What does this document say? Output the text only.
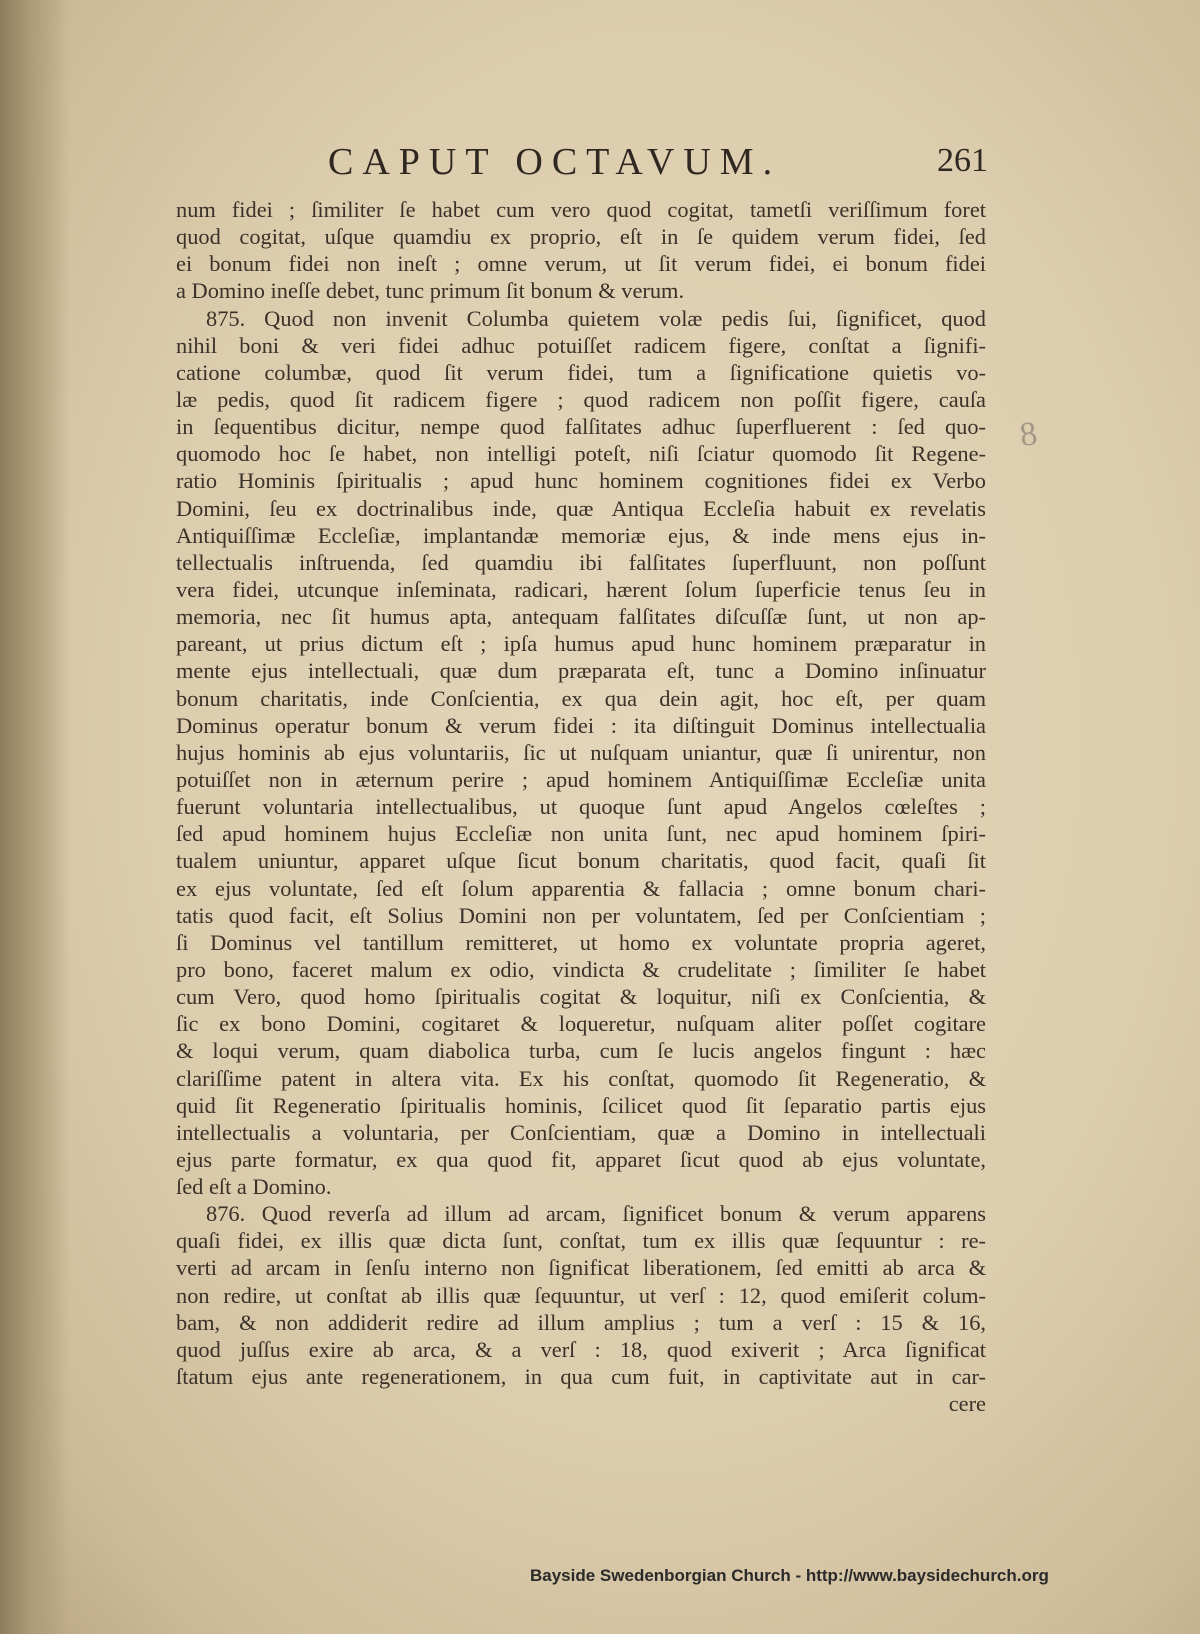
CAPUT OCTAVUM.	261
num fidei ; ſimiliter ſe habet cum vero quod cogitat, tametſi veriſſimum foret
quod cogitat, uſque quamdiu ex proprio, eſt in ſe quidem verum fidei, ſed
ei bonum fidei non ineſt ; omne verum, ut ſit verum fidei, ei bonum fidei
a Domino ineſſe debet, tunc primum ſit bonum & verum.
875. Quod non invenit Columba quietem volæ pedis ſui, ſignificet, quod
nihil boni & veri fidei adhuc potuiſſet radicem figere, conſtat a ſignifi-
catione columbæ, quod ſit verum fidei, tum a ſignificatione quietis vo-
læ pedis, quod ſit radicem figere ; quod radicem non poſſit figere, cauſa
in ſequentibus dicitur, nempe quod falſitates adhuc ſuperfluerent : ſed quo-
quomodo hoc ſe habet, non intelligi poteſt, niſi ſciatur quomodo ſit Regene-
ratio Hominis ſpiritualis ; apud hunc hominem cognitiones fidei ex Verbo
Domini, ſeu ex doctrinalibus inde, quæ Antiqua Eccleſia habuit ex revelatis
Antiquiſſimæ Eccleſiæ, implantandæ memoriæ ejus, & inde mens ejus in-
tellectualis inſtruenda, ſed quamdiu ibi falſitates ſuperfluunt, non poſſunt
vera fidei, utcunque inſeminata, radicari, hærent ſolum ſuperficie tenus ſeu in
memoria, nec ſit humus apta, antequam falſitates diſcuſſæ ſunt, ut non ap-
pareant, ut prius dictum eſt ; ipſa humus apud hunc hominem præparatur in
mente ejus intellectuali, quæ dum præparata eſt, tunc a Domino inſinuatur
bonum charitatis, inde Conſcientia, ex qua dein agit, hoc eſt, per quam
Dominus operatur bonum & verum fidei : ita diſtinguit Dominus intellectualia
hujus hominis ab ejus voluntariis, ſic ut nuſquam uniantur, quæ ſi unirentur, non
potuiſſet non in æternum perire ; apud hominem Antiquiſſimæ Eccleſiæ unita
fuerunt voluntaria intellectualibus, ut quoque ſunt apud Angelos cœleſtes ;
ſed apud hominem hujus Eccleſiæ non unita ſunt, nec apud hominem ſpiri-
tualem uniuntur, apparet uſque ſicut bonum charitatis, quod facit, quaſi ſit
ex ejus voluntate, ſed eſt ſolum apparentia & fallacia ; omne bonum chari-
tatis quod facit, eſt Solius Domini non per voluntatem, ſed per Conſcientiam ;
ſi Dominus vel tantillum remitteret, ut homo ex voluntate propria ageret,
pro bono, faceret malum ex odio, vindicta & crudelitate ; ſimiliter ſe habet
cum Vero, quod homo ſpiritualis cogitat & loquitur, niſi ex Conſcientia, &
ſic ex bono Domini, cogitaret & loqueretur, nuſquam aliter poſſet cogitare
& loqui verum, quam diabolica turba, cum ſe lucis angelos fingunt : hæc
clariſſime patent in altera vita. Ex his conſtat, quomodo ſit Regeneratio, &
quid ſit Regeneratio ſpiritualis hominis, ſcilicet quod ſit ſeparatio partis ejus
intellectualis a voluntaria, per Conſcientiam, quæ a Domino in intellectuali
ejus parte formatur, ex qua quod fit, apparet ſicut quod ab ejus voluntate,
ſed eſt a Domino.
876. Quod reverſa ad illum ad arcam, ſignificet bonum & verum apparens
quaſi fidei, ex illis quæ dicta ſunt, conſtat, tum ex illis quæ ſequuntur : re-
verti ad arcam in ſenſu interno non ſignificat liberationem, ſed emitti ab arca &
non redire, ut conſtat ab illis quæ ſequuntur, ut verſ : 12, quod emiſerit colum-
bam, & non addiderit redire ad illum amplius ; tum a verſ : 15 & 16,
quod juſſus exire ab arca, & a verſ : 18, quod exiverit ; Arca ſignificat
ſtatum ejus ante regenerationem, in qua cum fuit, in captivitate aut in car-
cere
8
Bayside Swedenborgian Church - http://www.baysidechurch.org
